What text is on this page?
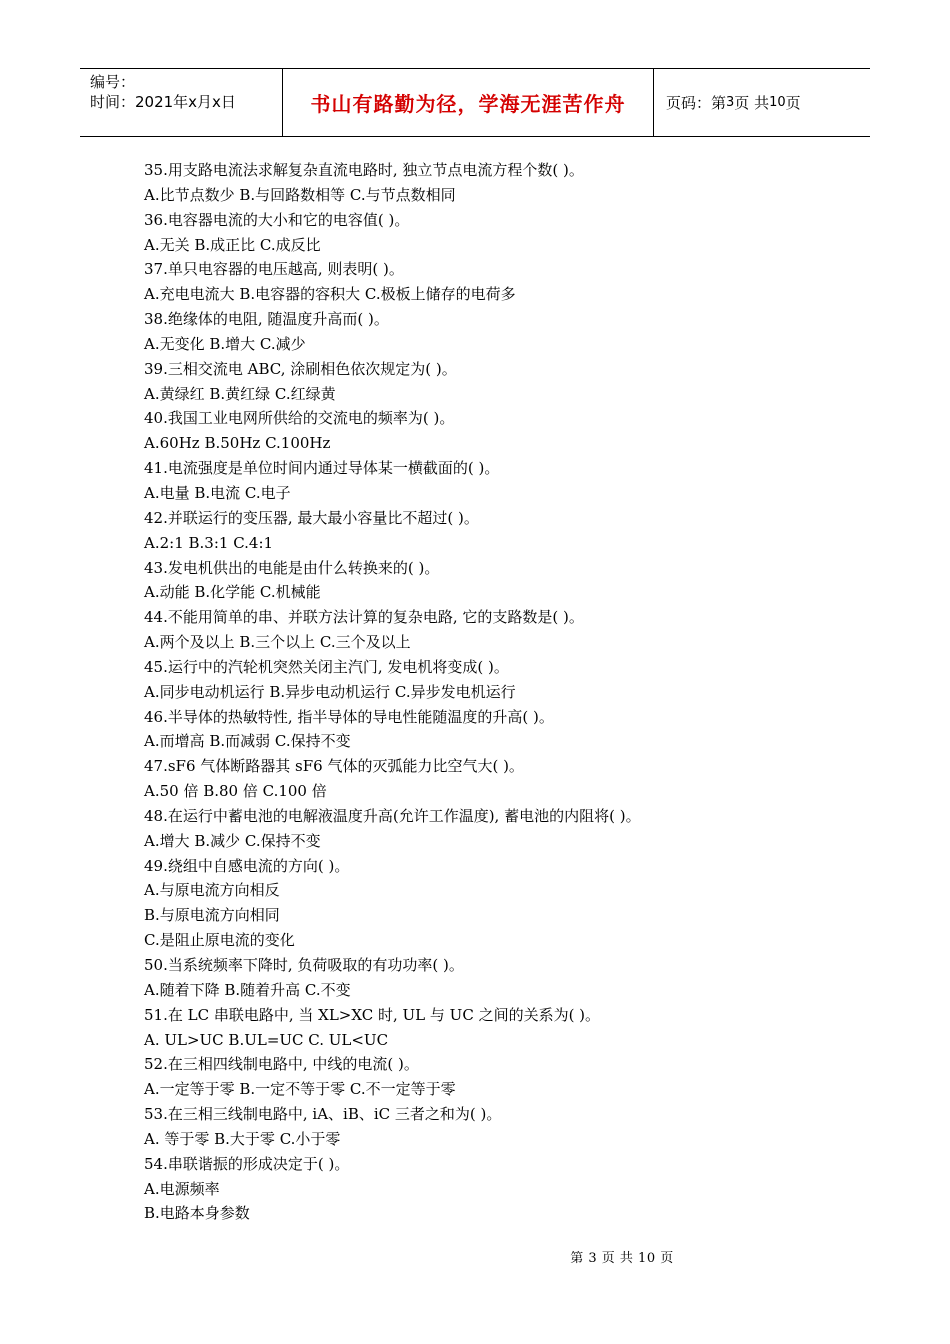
编号：
时间：2021年x月x日	书山有路勤为径，学海无涯苦作舟	页码：第 3 页 共 10 页
35.用支路电流法求解复杂直流电路时, 独立节点电流方程个数( )。
A.比节点数少 B.与回路数相等 C.与节点数相同
36.电容器电流的大小和它的电容值( )。
A.无关 B.成正比 C.成反比
37.单只电容器的电压越高, 则表明( )。
A.充电电流大 B.电容器的容积大 C.极板上储存的电荷多
38.绝缘体的电阻, 随温度升高而( )。
A.无变化 B.增大 C.减少
39.三相交流电 ABC, 涂刷相色依次规定为( )。
A.黄绿红 B.黄红绿 C.红绿黄
40.我国工业电网所供给的交流电的频率为( )。
A.60Hz B.50Hz C.100Hz
41.电流强度是单位时间内通过导体某一横截面的( )。
A.电量 B.电流 C.电子
42.并联运行的变压器, 最大最小容量比不超过( )。
A.2:1 B.3:1 C.4:1
43.发电机供出的电能是由什么转换来的( )。
A.动能 B.化学能 C.机械能
44.不能用简单的串、并联方法计算的复杂电路, 它的支路数是( )。
A.两个及以上 B.三个以上 C.三个及以上
45.运行中的汽轮机突然关闭主汽门, 发电机将变成( )。
A.同步电动机运行 B.异步电动机运行 C.异步发电机运行
46.半导体的热敏特性, 指半导体的导电性能随温度的升高( )。
A.而增高 B.而减弱 C.保持不变
47.sF6 气体断路器其 sF6 气体的灭弧能力比空气大( )。
A.50 倍 B.80 倍 C.100 倍
48.在运行中蓄电池的电解液温度升高(允许工作温度), 蓄电池的内阻将( )。
A.增大 B.减少 C.保持不变
49.绕组中自感电流的方向( )。
A.与原电流方向相反
B.与原电流方向相同
C.是阻止原电流的变化
50.当系统频率下降时, 负荷吸取的有功功率( )。
A.随着下降 B.随着升高 C.不变
51.在 LC 串联电路中, 当 XL>XC 时, UL 与 UC 之间的关系为( )。
A. UL>UC B.UL=UC C. UL<UC
52.在三相四线制电路中, 中线的电流( )。
A.一定等于零 B.一定不等于零 C.不一定等于零
53.在三相三线制电路中, iA、iB、iC 三者之和为( )。
A. 等于零 B.大于零 C.小于零
54.串联谐振的形成决定于( )。
A.电源频率
B.电路本身参数
第 3 页 共 10 页
